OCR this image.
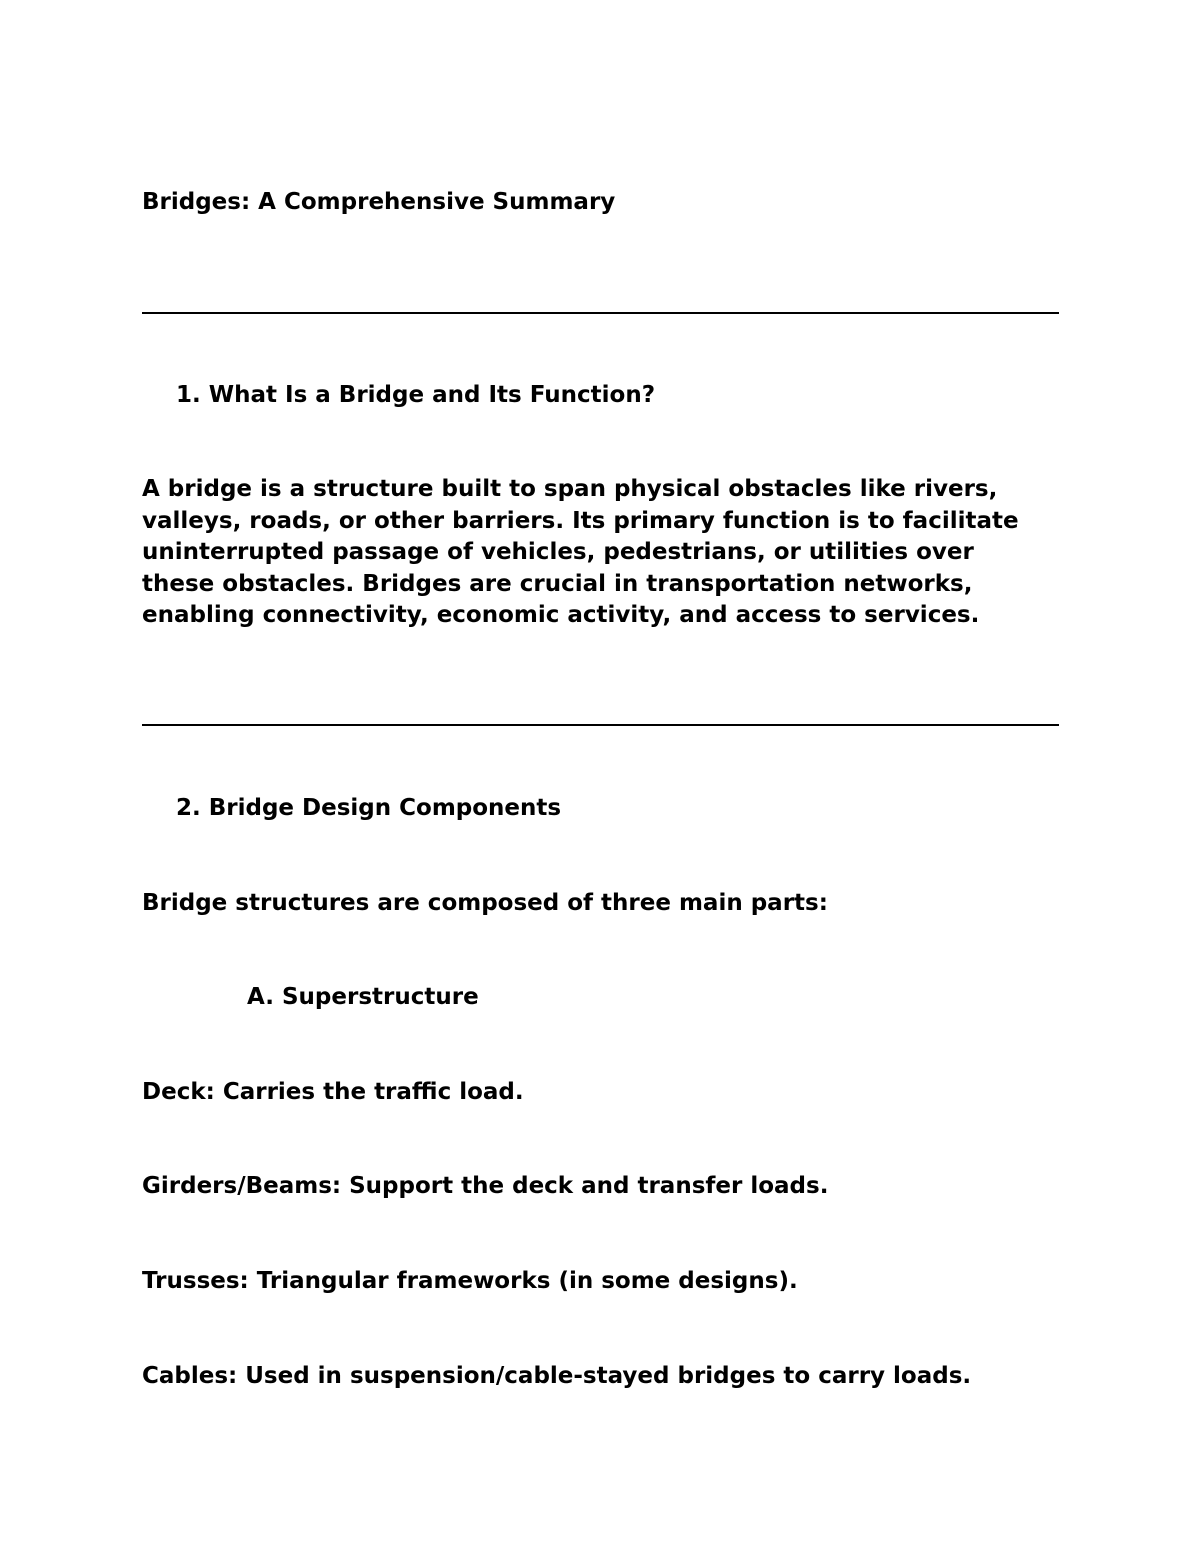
Bridges: A Comprehensive Summary

1. What Is a Bridge and Its Function?

A bridge is a structure built to span physical obstacles like rivers,
valleys, roads, or other barriers. Its primary function is to facilitate
uninterrupted passage of vehicles, pedestrians, or utilities over
these obstacles. Bridges are crucial in transportation networks,
enabling connectivity, economic activity, and access to services.

2. Bridge Design Components

Bridge structures are composed of three main parts:

A. Superstructure

Deck: Carries the traffic load.

Girders/Beams: Support the deck and transfer loads.

Trusses: Triangular frameworks (in some designs).

Cables: Used in suspension/cable-stayed bridges to carry loads.
